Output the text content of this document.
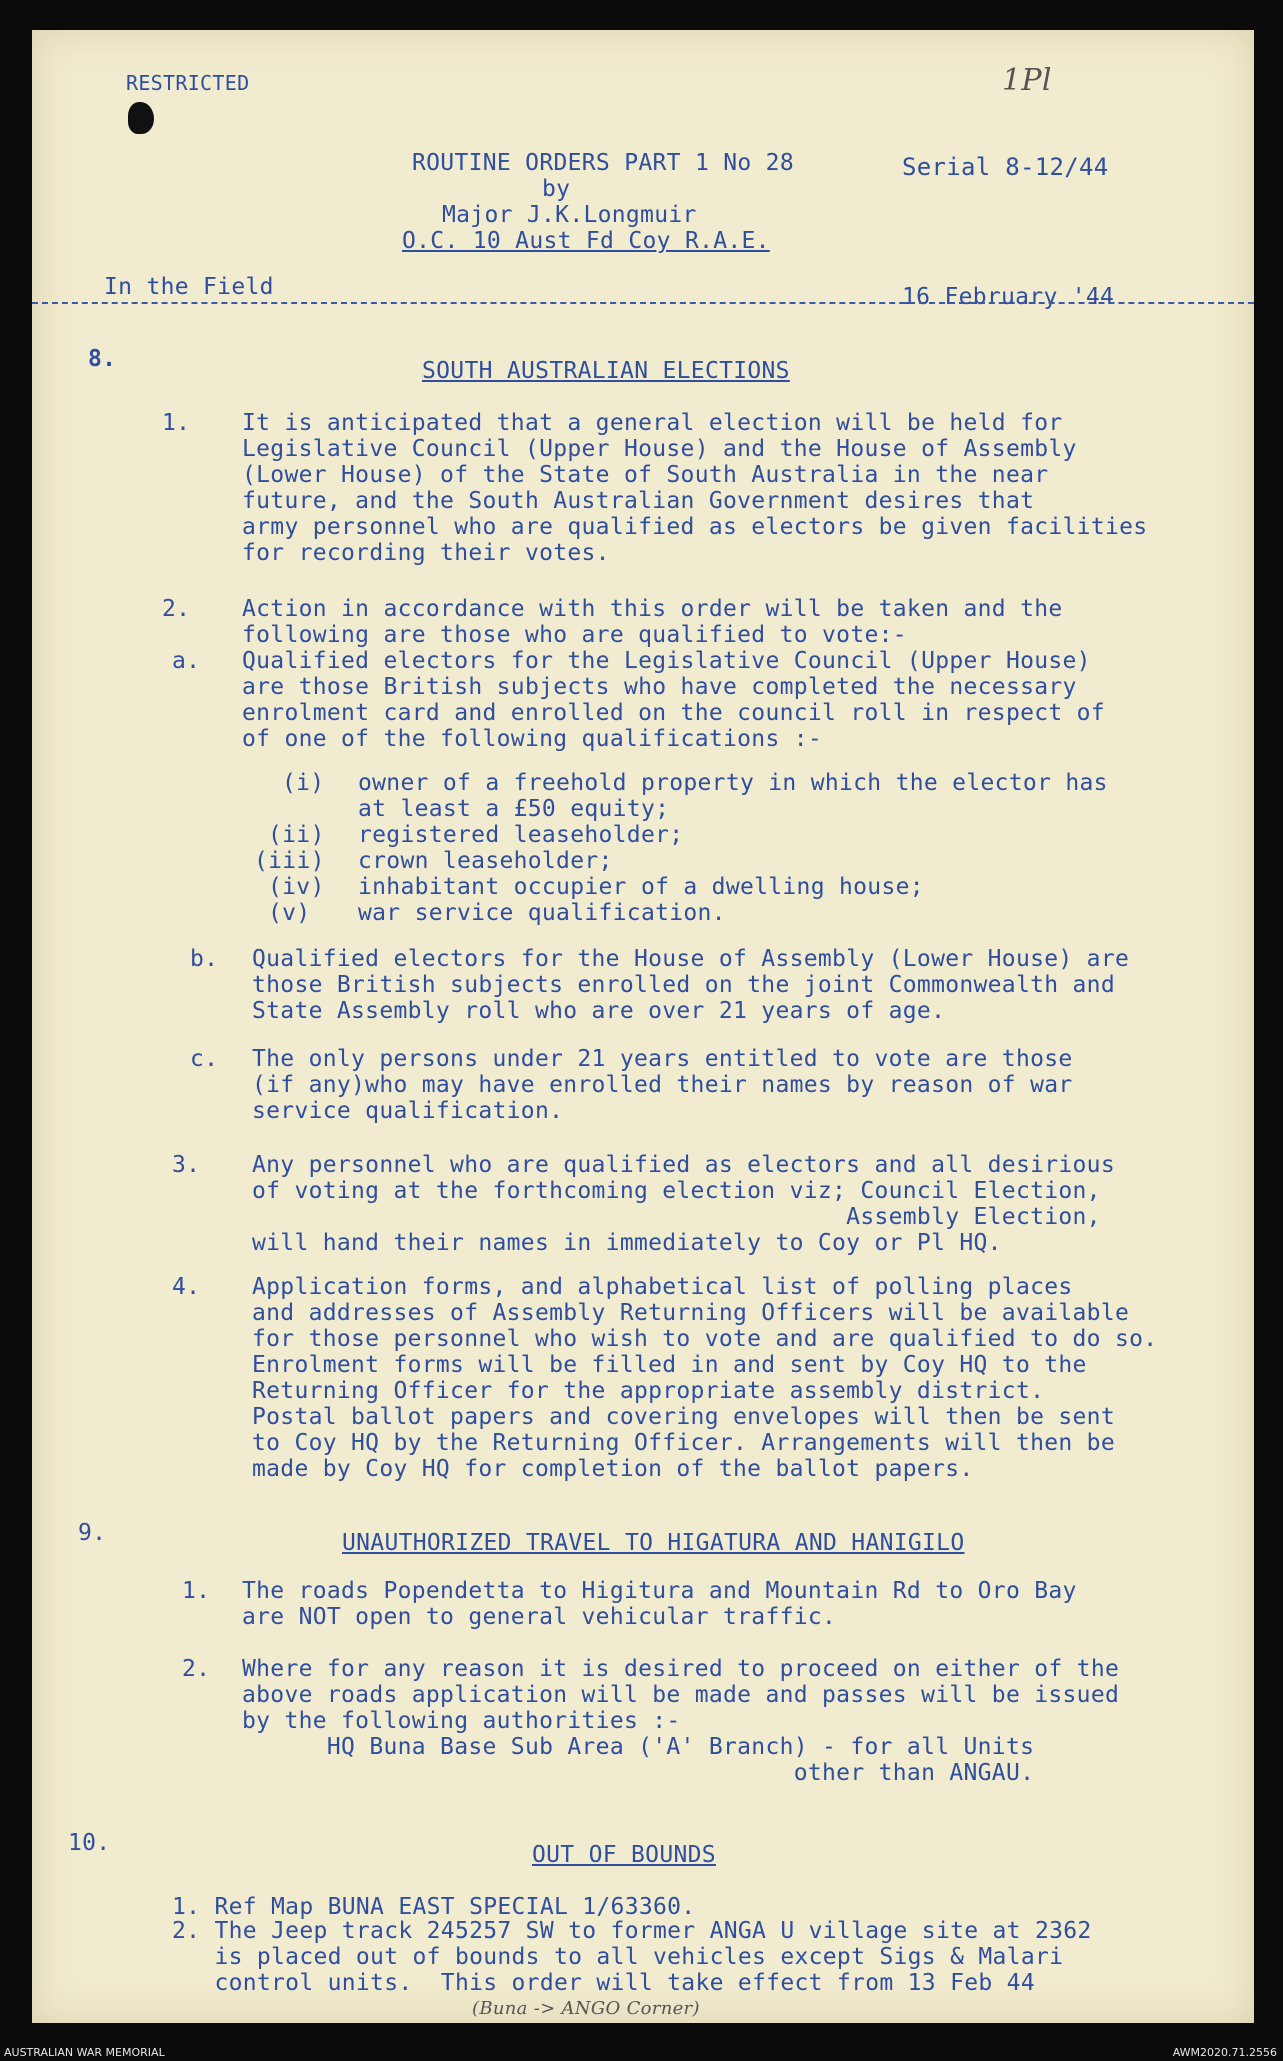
RESTRICTED	1Pl
ROUTINE ORDERS PART 1 No 28	Serial 8-12/44
by
Major J.K.Longmuir
O.C. 10 Aust Fd Coy R.A.E.
In the Field	16 February '44
8.	SOUTH AUSTRALIAN ELECTIONS
1. It is anticipated that a general election will be held for
Legislative Council (Upper House) and the House of Assembly
(Lower House) of the State of South Australia in the near
future, and the South Australian Government desires that
army personnel who are qualified as electors be given facilities
for recording their votes.
2. Action in accordance with this order will be taken and the
following are those who are qualified to vote:-
a. Qualified electors for the Legislative Council (Upper House)
are those British subjects who have completed the necessary
enrolment card and enrolled on the council roll in respect of
of one of the following qualifications :-
(i) owner of a freehold property in which the elector has
at least a £50 equity;
(ii) registered leaseholder;
(iii) crown leaseholder;
(iv) inhabitant occupier of a dwelling house;
(v) war service qualification.
b. Qualified electors for the House of Assembly (Lower House) are
those British subjects enrolled on the joint Commonwealth and
State Assembly roll who are over 21 years of age.
c. The only persons under 21 years entitled to vote are those
(if any)who may have enrolled their names by reason of war
service qualification.
3. Any personnel who are qualified as electors and all desirious
of voting at the forthcoming election viz; Council Election,
Assembly Election,
will hand their names in immediately to Coy or Pl HQ.
4. Application forms, and alphabetical list of polling places
and addresses of Assembly Returning Officers will be available
for those personnel who wish to vote and are qualified to do so.
Enrolment forms will be filled in and sent by Coy HQ to the
Returning Officer for the appropriate assembly district.
Postal ballot papers and covering envelopes will then be sent
to Coy HQ by the Returning Officer. Arrangements will then be
made by Coy HQ for completion of the ballot papers.
9.	UNAUTHORIZED TRAVEL TO HIGATURA AND HANIGILO
1. The roads Popendetta to Higitura and Mountain Rd to Oro Bay
are NOT open to general vehicular traffic.
2. Where for any reason it is desired to proceed on either of the
above roads application will be made and passes will be issued
by the following authorities :-
HQ Buna Base Sub Area ('A' Branch) - for all Units
other than ANGAU.
10.	OUT OF BOUNDS
1. Ref Map BUNA EAST SPECIAL 1/63360.
2. The Jeep track 245257 SW to former ANGA U village site at 2362
is placed out of bounds to all vehicles except Sigs & Malari
control units.  This order will take effect from 13 Feb 44
(Buna -> ANGO Corner)
AUSTRALIAN WAR MEMORIAL	AWM2020.71.2556
